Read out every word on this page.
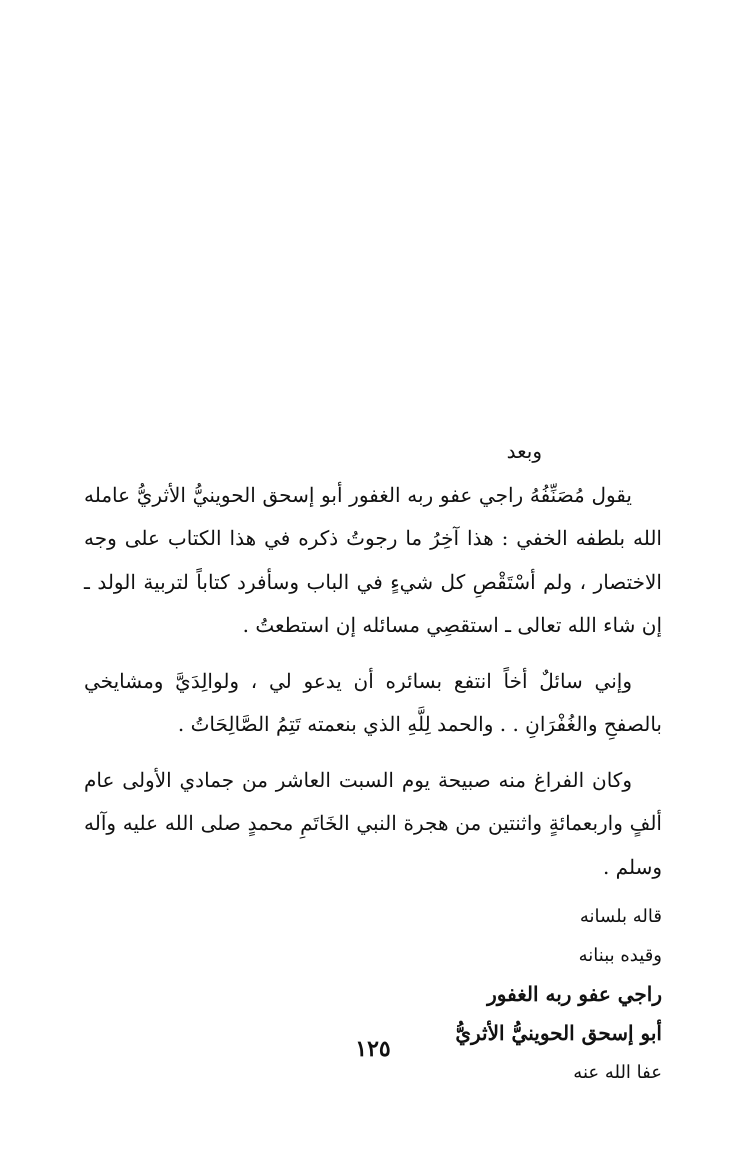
وبعد

يقول مُصَنِّفُهُ راجي عفو ربه الغفور أبو إسحق الحوينيُّ الأثريُّ عامله الله بلطفه الخفي : هذا آخِرُ ما رجوتُ ذكره في هذا الكتاب على وجه الاختصار ، ولم أسْتَقْصِ كل شيءٍ في الباب وسأفرد كتاباً لتربية الولد ـ إن شاء الله تعالى ـ استقصِي مسائله إن استطعتُ .

وإني سائلٌ أخاً انتفع بسائره أن يدعو لي ، ولوالِدَيَّ ومشايخي بالصفحِ والغُفْرَانِ . . والحمد لِلَّهِ الذي بنعمته تَتِمُ الصَّالِحَاتُ .

وكان الفراغ منه صبيحة يوم السبت العاشر من جمادي الأولى عام ألفٍ واربعمائةٍ واثنتين من هجرة النبي الخَاتَمِ محمدٍ صلى الله عليه وآله وسلم .

قاله بلسانه

وقيده ببنانه

راجي عفو ربه الغفور

أبو إسحق الحوينيُّ الأثريُّ

عفا الله عنه

١٢٥
